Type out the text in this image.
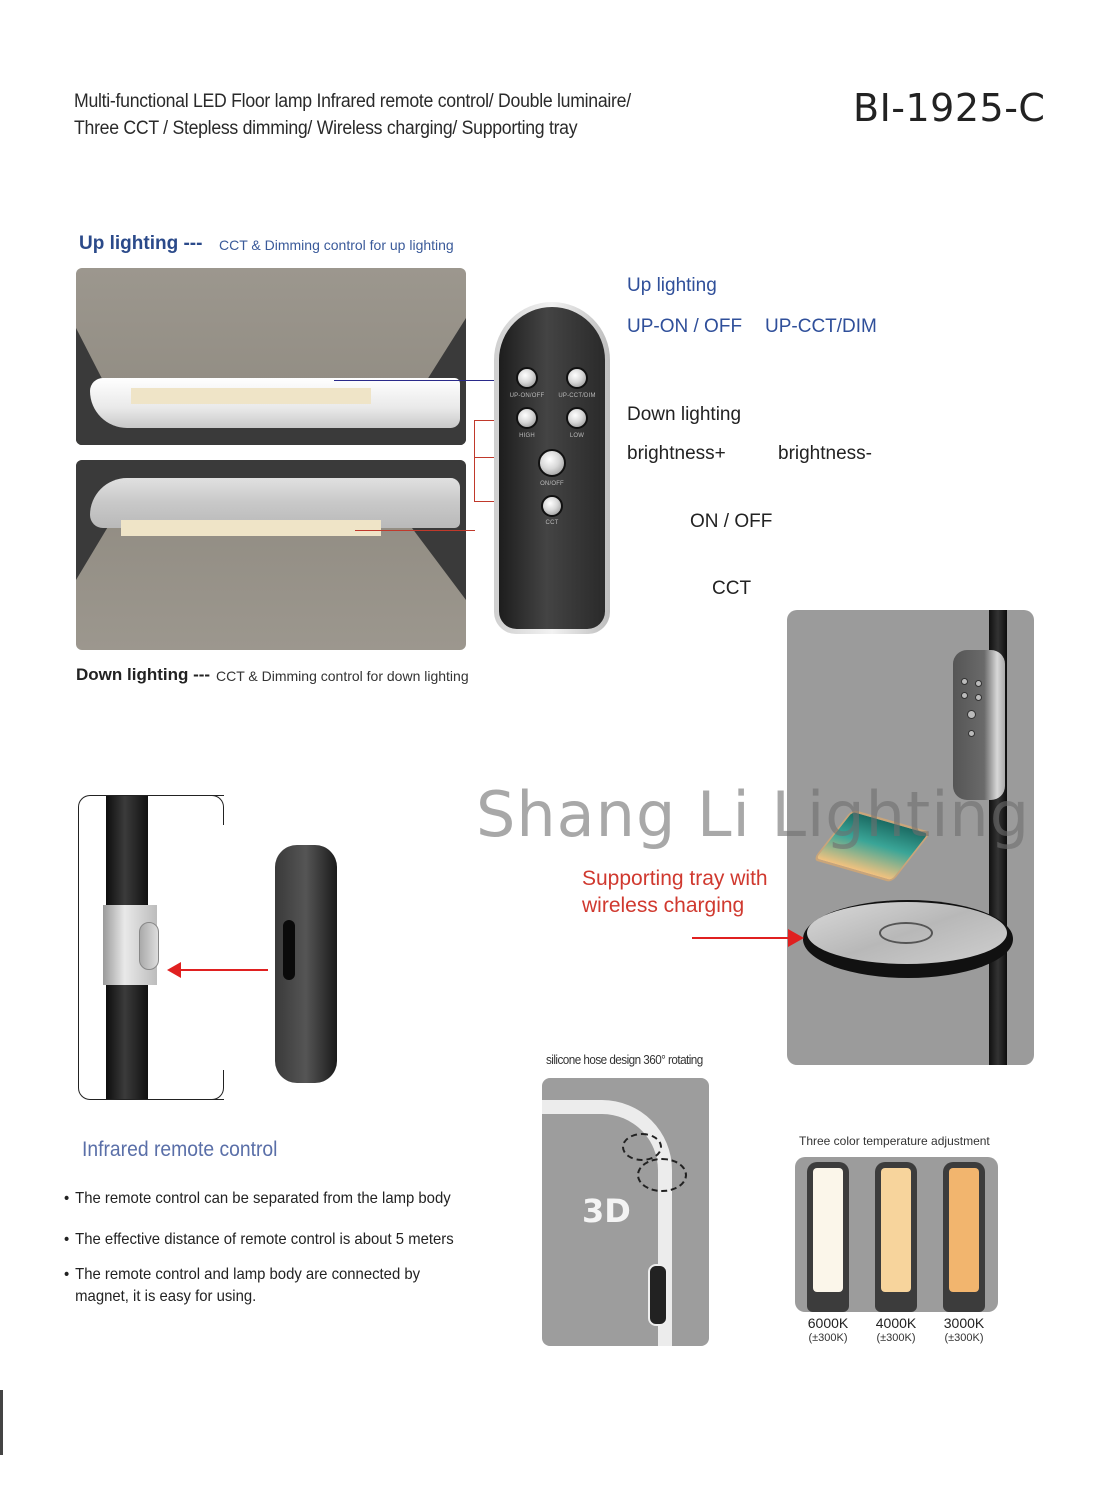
Multi-functional LED Floor lamp Infrared remote control/ Double luminaire/
Three CCT / Stepless dimming/ Wireless charging/ Supporting tray	BI-1925-C
Up lighting --- CCT & Dimming control for up lighting
Down lighting --- CCT & Dimming control for down lighting
UP-ON/OFF	UP-CCT/DIM
HIGH	LOW
ON/OFF
CCT
Up lighting
UP-ON / OFF UP-CCT/DIM
Down lighting
brightness+	brightness-
ON / OFF
CCT
Shang Li Lighting
Supporting tray with
wireless charging
Infrared remote control
• The remote control can be separated from the lamp body
• The effective distance of remote control is about 5 meters
• The remote control and lamp body are connected by
magnet, it is easy for using.
silicone hose design 360° rotating
3D
Three color temperature adjustment
6000K
(±300K)
4000K
(±300K)
3000K
(±300K)
